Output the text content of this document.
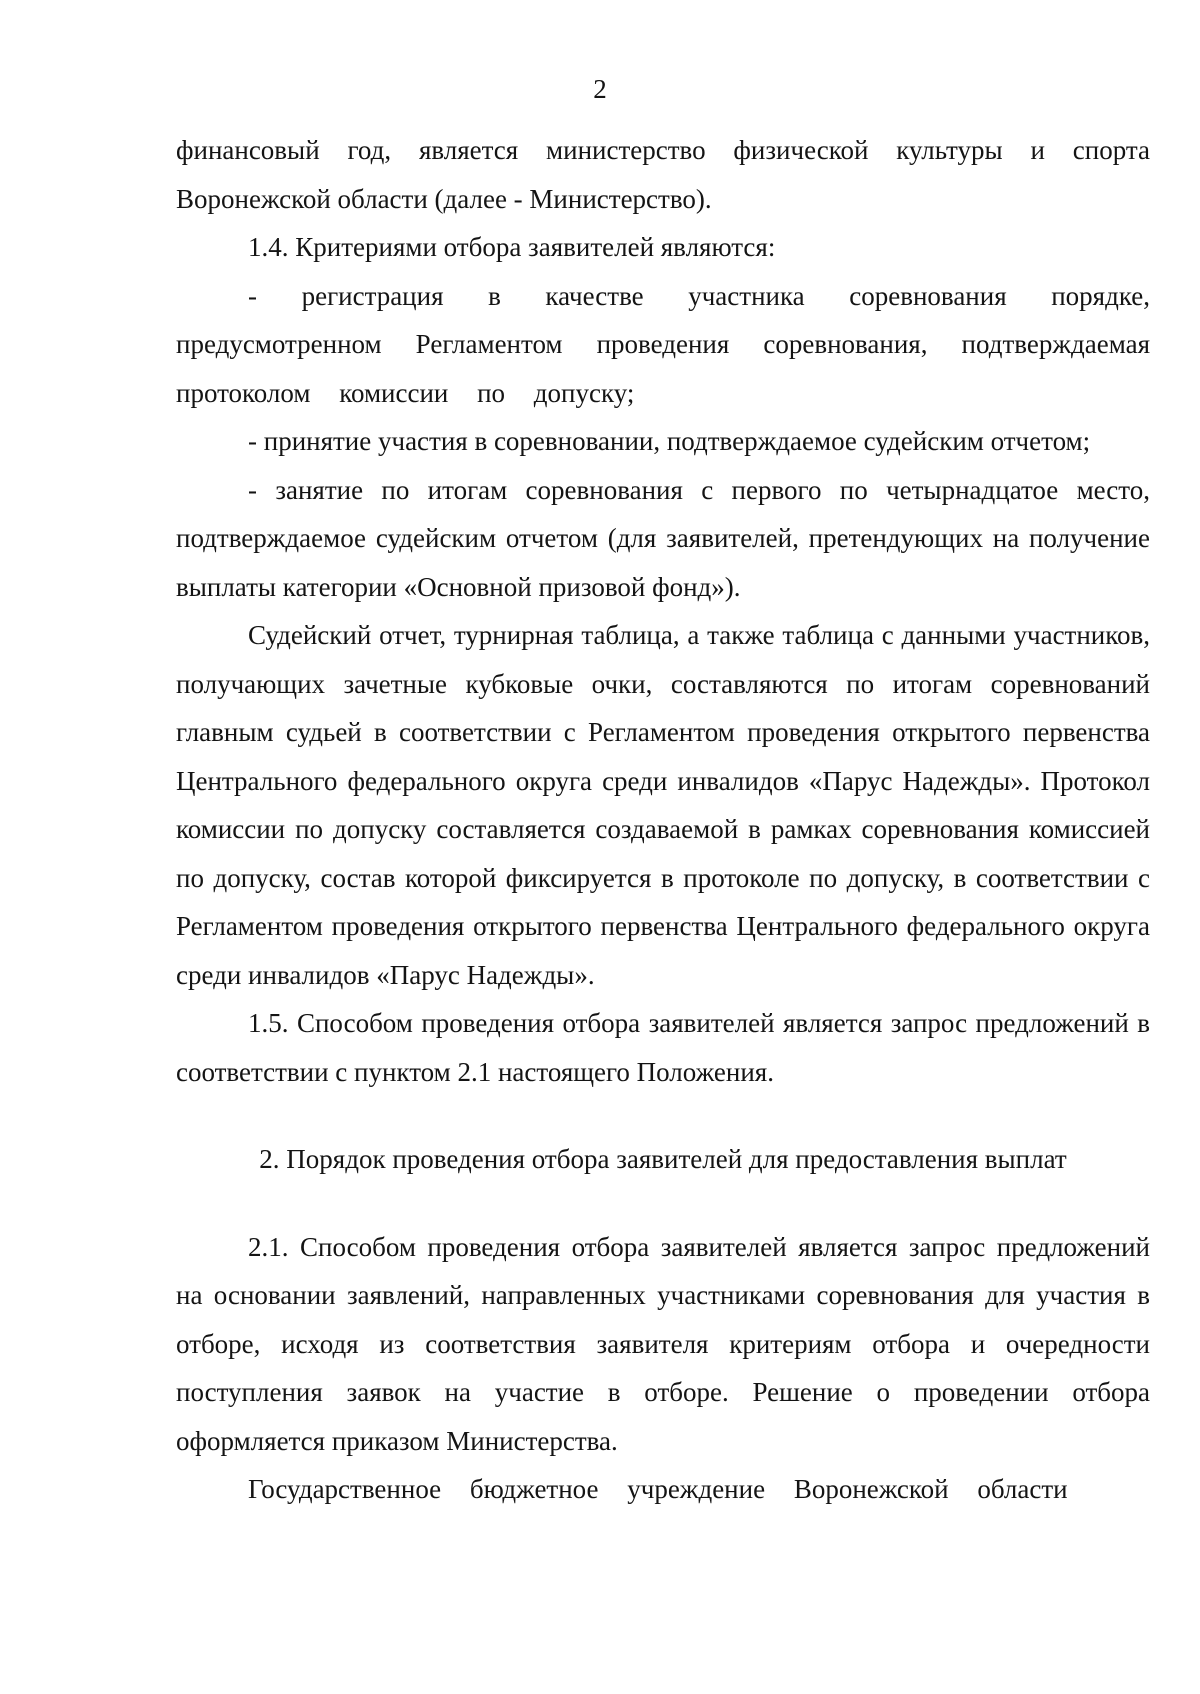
2

финансовый год, является министерство физической культуры и спорта Воронежской области (далее - Министерство).

1.4. Критериями отбора заявителей являются:

- регистрация в качестве участника соревнования порядке, предусмотренном Регламентом проведения соревнования, подтверждаемая протоколом комиссии по допуску;

- принятие участия в соревновании, подтверждаемое судейским отчетом;

- занятие по итогам соревнования с первого по четырнадцатое место, подтверждаемое судейским отчетом (для заявителей, претендующих на получение выплаты категории «Основной призовой фонд»).

Судейский отчет, турнирная таблица, а также таблица с данными участников, получающих зачетные кубковые очки, составляются по итогам соревнований главным судьей в соответствии с Регламентом проведения открытого первенства Центрального федерального округа среди инвалидов «Парус Надежды». Протокол комиссии по допуску составляется создаваемой в рамках соревнования комиссией по допуску, состав которой фиксируется в протоколе по допуску, в соответствии с Регламентом проведения открытого первенства Центрального федерального округа среди инвалидов «Парус Надежды».

1.5. Способом проведения отбора заявителей является запрос предложений в соответствии с пунктом 2.1 настоящего Положения.

2. Порядок проведения отбора заявителей для предоставления выплат

2.1. Способом проведения отбора заявителей является запрос предложений на основании заявлений, направленных участниками соревнования для участия в отборе, исходя из соответствия заявителя критериям отбора и очередности поступления заявок на участие в отборе. Решение о проведении отбора оформляется приказом Министерства.

Государственное бюджетное учреждение Воронежской области
